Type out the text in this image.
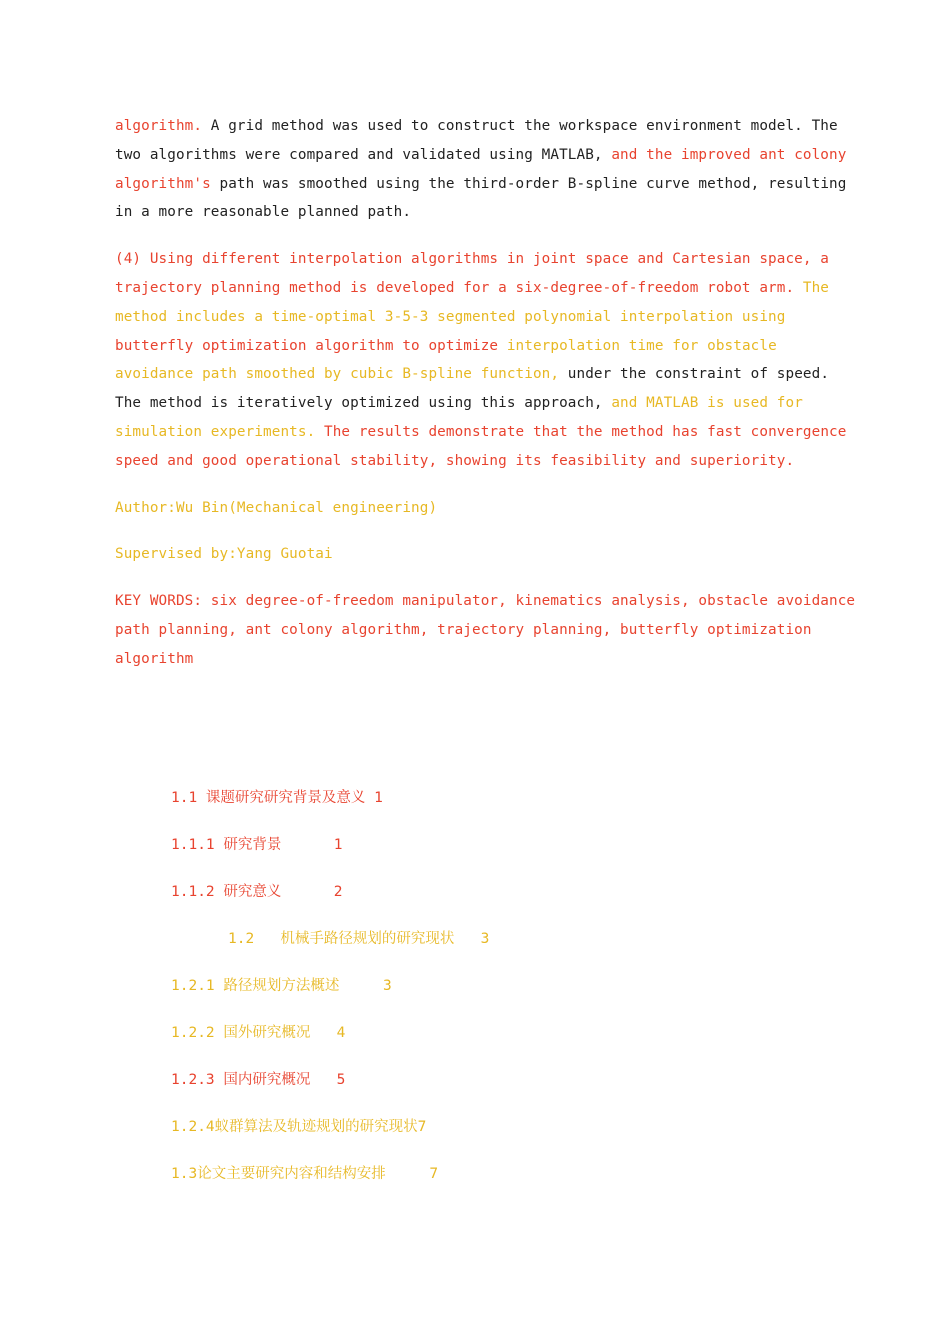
algorithm. A grid method was used to construct the workspace environment model. The
two algorithms were compared and validated using MATLAB, and the improved ant colony
algorithm's path was smoothed using the third-order B-spline curve method, resulting
in a more reasonable planned path.

(4) Using different interpolation algorithms in joint space and Cartesian space, a
trajectory planning method is developed for a six-degree-of-freedom robot arm. The
method includes a time-optimal 3-5-3 segmented polynomial interpolation using
butterfly optimization algorithm to optimize interpolation time for obstacle
avoidance path smoothed by cubic B-spline function, under the constraint of speed.
The method is iteratively optimized using this approach, and MATLAB is used for
simulation experiments. The results demonstrate that the method has fast convergence
speed and good operational stability, showing its feasibility and superiority.

Author:Wu Bin(Mechanical engineering)

Supervised by:Yang Guotai

KEY WORDS: six degree-of-freedom manipulator, kinematics analysis, obstacle avoidance
path planning, ant colony algorithm, trajectory planning, butterfly optimization
algorithm

1.1 课题研究研究背景及意义 1
1.1.1 研究背景      1
1.1.2 研究意义      2
1.2   机械手路径规划的研究现状   3
1.2.1 路径规划方法概述     3
1.2.2 国外研究概况   4
1.2.3 国内研究概况   5
1.2.4蚁群算法及轨迹规划的研究现状7
1.3论文主要研究内容和结构安排     7
